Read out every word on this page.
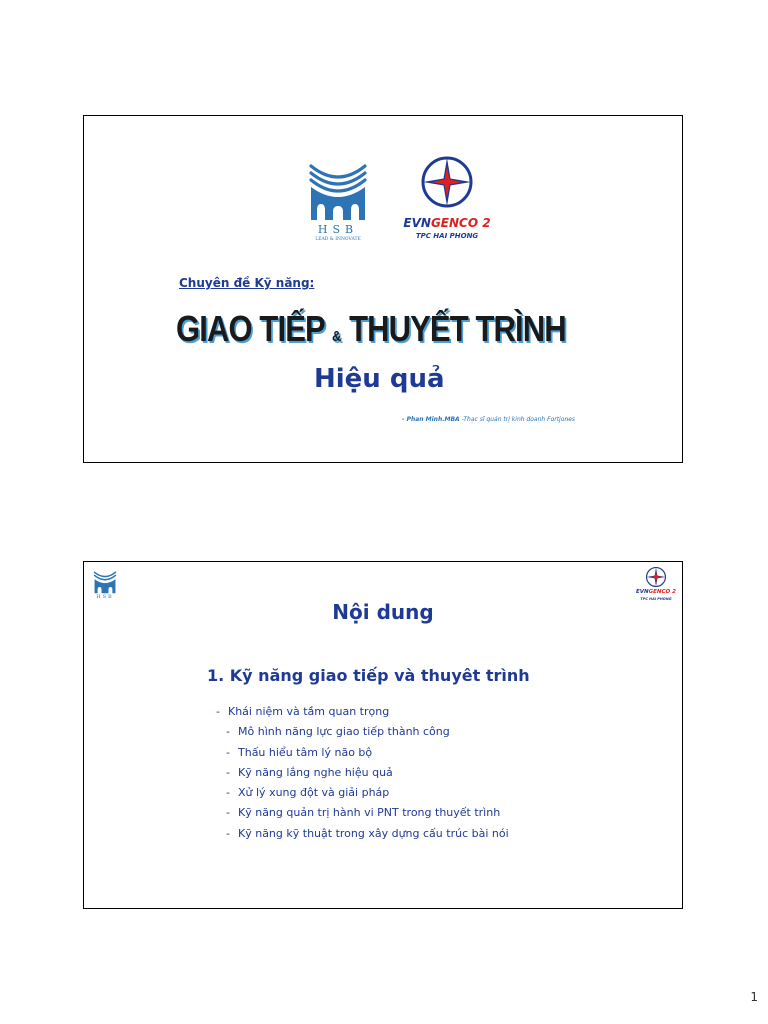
HSB
LEAD & INNOVATE
EVNGENCO 2
TPC HAI PHONG
Chuyên đề Kỹ năng:
GIAO TIẾP & THUYẾT TRÌNH
Hiệu quả
- Phan Minh.MBA -Thạc sĩ quản trị kinh doanh Fortjones
HSB
EVNGENCO 2
TPC HAI PHONG
Nội dung
1. Kỹ năng giao tiếp và thuyêt trình
- Khái niệm và tầm quan trọng
- Mô hình năng lực giao tiếp thành công
- Thấu hiểu tâm lý não bộ
- Kỹ năng lắng nghe hiệu quả
- Xử lý xung đột và giải pháp
- Kỹ năng quản trị hành vi PNT trong thuyết trình
- Kỹ năng kỹ thuật trong xây dựng cấu trúc bài nói
1
